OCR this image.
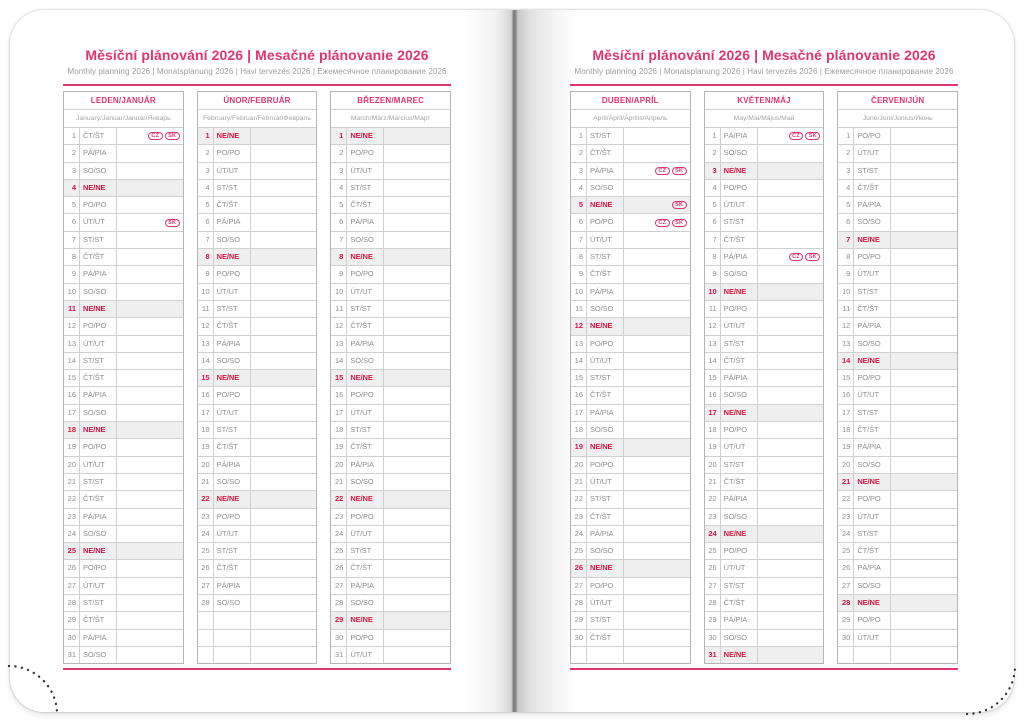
Měsíční plánování 2026 | Mesačné plánovanie 2026
Monthly planning 2026 | Monatsplanung 2026 | Havi tervezés 2026 | Ежемесячное планирование 2026
LEDEN/JANUÁR
January/Januar/Január/Январь
1 ČT/ŠT	CZ	SK
2 PÁ/PIA
3 SO/SO
4 NE/NE
5 PO/PO
6 ÚT/UT	SK
7 ST/ST
8 ČT/ŠT
9 PÁ/PIA
10 SO/SO
11 NE/NE
12 PO/PO
13 ÚT/UT
14 ST/ST
15 ČT/ŠT
16 PÁ/PIA
17 SO/SO
18 NE/NE
19 PO/PO
20 ÚT/UT
21 ST/ST
22 ČT/ŠT
23 PÁ/PIA
24 SO/SO
25 NE/NE
26 PO/PO
27 ÚT/UT
28 ST/ST
29 ČT/ŠT
30 PÁ/PIA
31 SO/SO
ÚNOR/FEBRUÁR
February/Februar/Február/Февраль
1 NE/NE
2 PO/PO
3 ÚT/UT
4 ST/ST
5 ČT/ŠT
6 PÁ/PIA
7 SO/SO
8 NE/NE
9 PO/PO
10 ÚT/UT
11 ST/ST
12 ČT/ŠT
13 PÁ/PIA
14 SO/SO
15 NE/NE
16 PO/PO
17 ÚT/UT
18 ST/ST
19 ČT/ŠT
20 PÁ/PIA
21 SO/SO
22 NE/NE
23 PO/PO
24 ÚT/UT
25 ST/ST
26 ČT/ŠT
27 PÁ/PIA
28 SO/SO
BŘEZEN/MAREC
March/März/Március/Март
1 NE/NE
2 PO/PO
3 ÚT/UT
4 ST/ST
5 ČT/ŠT
6 PÁ/PIA
7 SO/SO
8 NE/NE
9 PO/PO
10 ÚT/UT
11 ST/ST
12 ČT/ŠT
13 PÁ/PIA
14 SO/SO
15 NE/NE
16 PO/PO
17 ÚT/UT
18 ST/ST
19 ČT/ŠT
20 PÁ/PIA
21 SO/SO
22 NE/NE
23 PO/PO
24 ÚT/UT
25 ST/ST
26 ČT/ŠT
27 PÁ/PIA
28 SO/SO
29 NE/NE
30 PO/PO
31 ÚT/UT
Měsíční plánování 2026 | Mesačné plánovanie 2026
Monthly planning 2026 | Monatsplanung 2026 | Havi tervezés 2026 | Ежемесячное планирование 2026
DUBEN/APRÍL
April/April/Április/Апрель
1 ST/ST
2 ČT/ŠT
3 PÁ/PIA	CZ	SK
4 SO/SO
5 NE/NE	SK
6 PO/PO	CZ	SK
7 ÚT/UT
8 ST/ST
9 ČT/ŠT
10 PÁ/PIA
11 SO/SO
12 NE/NE
13 PO/PO
14 ÚT/UT
15 ST/ST
16 ČT/ŠT
17 PÁ/PIA
18 SO/SO
19 NE/NE
20 PO/PO
21 ÚT/UT
22 ST/ST
23 ČT/ŠT
24 PÁ/PIA
25 SO/SO
26 NE/NE
27 PO/PO
28 ÚT/UT
29 ST/ST
30 ČT/ŠT
KVĚTEN/MÁJ
May/Mai/Május/Май
1 PÁ/PIA	CZ	SK
2 SO/SO
3 NE/NE
4 PO/PO
5 ÚT/UT
6 ST/ST
7 ČT/ŠT
8 PÁ/PIA	CZ	SK
9 SO/SO
10 NE/NE
11 PO/PO
12 ÚT/UT
13 ST/ST
14 ČT/ŠT
15 PÁ/PIA
16 SO/SO
17 NE/NE
18 PO/PO
19 ÚT/UT
20 ST/ST
21 ČT/ŠT
22 PÁ/PIA
23 SO/SO
24 NE/NE
25 PO/PO
26 ÚT/UT
27 ST/ST
28 ČT/ŠT
29 PÁ/PIA
30 SO/SO
31 NE/NE
ČERVEN/JÚN
June/Juni/Június/Июнь
1 PO/PO
2 ÚT/UT
3 ST/ST
4 ČT/ŠT
5 PÁ/PIA
6 SO/SO
7 NE/NE
8 PO/PO
9 ÚT/UT
10 ST/ST
11 ČT/ŠT
12 PÁ/PIA
13 SO/SO
14 NE/NE
15 PO/PO
16 ÚT/UT
17 ST/ST
18 ČT/ŠT
19 PÁ/PIA
20 SO/SO
21 NE/NE
22 PO/PO
23 ÚT/UT
24 ST/ST
25 ČT/ŠT
26 PÁ/PIA
27 SO/SO
28 NE/NE
29 PO/PO
30 ÚT/UT
